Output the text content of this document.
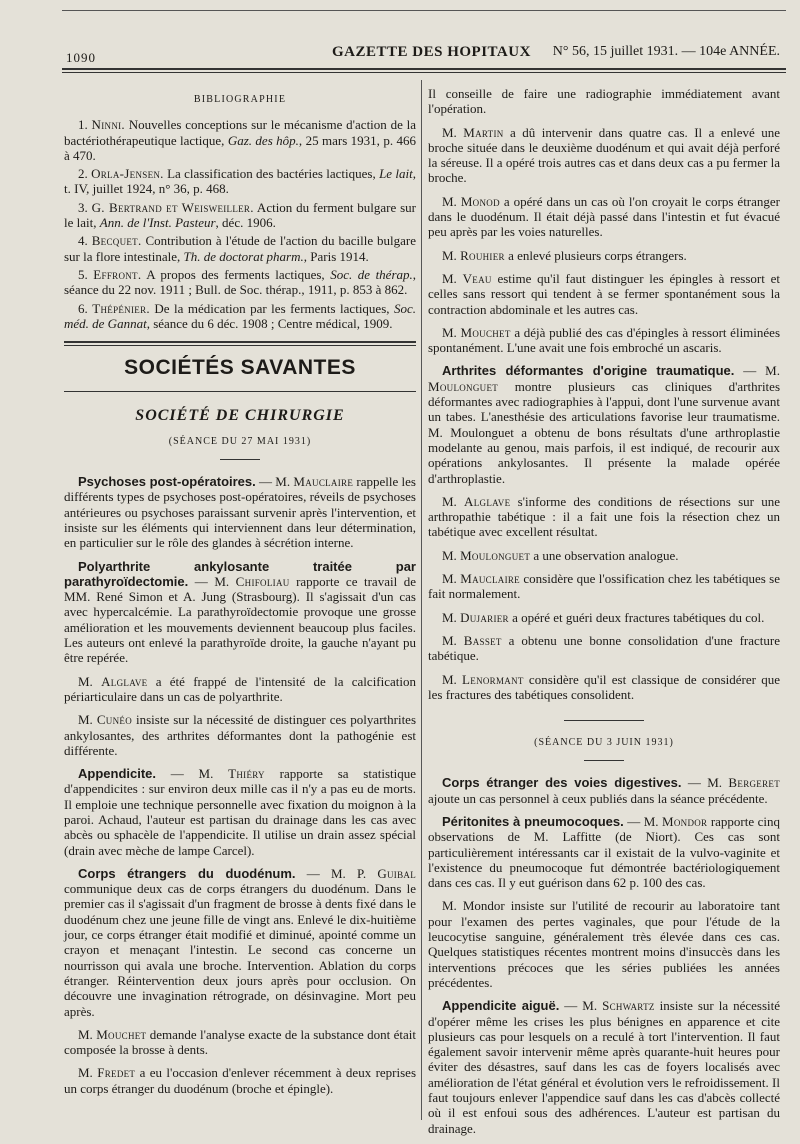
1090	GAZETTE DES HOPITAUX N° 56, 15 juillet 1931. — 104e ANNÉE.
BIBLIOGRAPHIE

1. Ninni. Nouvelles conceptions sur le mécanisme d'action de la bactériothérapeutique lactique, Gaz. des hôp., 25 mars 1931, p. 466 à 470.

2. Orla-Jensen. La classification des bactéries lactiques, Le lait, t. IV, juillet 1924, n° 36, p. 468.

3. G. Bertrand et Weisweiller. Action du ferment bulgare sur le lait, Ann. de l'Inst. Pasteur, déc. 1906.

4. Becquet. Contribution à l'étude de l'action du bacille bulgare sur la flore intestinale, Th. de doctorat pharm., Paris 1914.

5. Effront. A propos des ferments lactiques, Soc. de thérap., séance du 22 nov. 1911 ; Bull. de Soc. thérap., 1911, p. 853 à 862.

6. Thépénier. De la médication par les ferments lactiques, Soc. méd. de Gannat, séance du 6 déc. 1908 ; Centre médical, 1909.

SOCIÉTÉS SAVANTES
SOCIÉTÉ DE CHIRURGIE
(SÉANCE DU 27 MAI 1931)

Psychoses post-opératoires. — M. Mauclaire rappelle les différents types de psychoses post-opératoires, réveils de psychoses antérieures ou psychoses paraissant survenir après l'intervention, et insiste sur les éléments qui interviennent dans leur détermination, en particulier sur le rôle des glandes à sécrétion interne.

Polyarthrite ankylosante traitée par parathyroïdectomie. — M. Chifoliau rapporte ce travail de MM. René Simon et A. Jung (Strasbourg). Il s'agissait d'un cas avec hypercalcémie. La parathyroïdectomie provoque une grosse amélioration et les mouvements deviennent beaucoup plus faciles. Les auteurs ont enlevé la parathyroïde droite, la gauche n'ayant pu être repérée.

M. Alglave a été frappé de l'intensité de la calcification périarticulaire dans un cas de polyarthrite.

M. Cunéo insiste sur la nécessité de distinguer ces polyarthrites ankylosantes, des arthrites déformantes dont la pathogénie est différente.

Appendicite. — M. Thiéry rapporte sa statistique d'appendicites : sur environ deux mille cas il n'y a pas eu de morts. Il emploie une technique personnelle avec fixation du moignon à la paroi. Achaud, l'auteur est partisan du drainage dans les cas avec abcès ou sphacèle de l'appendicite. Il utilise un drain assez spécial (drain avec mèche de lampe Carcel).

Corps étrangers du duodénum. — M. P. Guibal communique deux cas de corps étrangers du duodénum. Dans le premier cas il s'agissait d'un fragment de brosse à dents fixé dans le duodénum chez une jeune fille de vingt ans. Enlevé le dix-huitième jour, ce corps étranger était modifié et diminué, apointé comme un crayon et menaçant l'intestin. Le second cas concerne un nourrisson qui avala une broche. Intervention. Ablation du corps étranger. Réintervention deux jours après pour occlusion. On découvre une invagination rétrograde, on désinvagine. Mort peu après.

M. Mouchet demande l'analyse exacte de la substance dont était composée la brosse à dents.

M. Fredet a eu l'occasion d'enlever récemment à deux reprises un corps étranger du duodénum (broche et épingle).

Il conseille de faire une radiographie immédiatement avant l'opération.

M. Martin a dû intervenir dans quatre cas. Il a enlevé une broche située dans le deuxième duodénum et qui avait déjà perforé la séreuse. Il a opéré trois autres cas et dans deux cas a pu fermer la broche.

M. Monod a opéré dans un cas où l'on croyait le corps étranger dans le duodénum. Il était déjà passé dans l'intestin et fut évacué peu après par les voies naturelles.

M. Rouhier a enlevé plusieurs corps étrangers.

M. Veau estime qu'il faut distinguer les épingles à ressort et celles sans ressort qui tendent à se fermer spontanément sous la contraction abdominale et les autres cas.

M. Mouchet a déjà publié des cas d'épingles à ressort éliminées spontanément. L'une avait une fois embroché un ascaris.

Arthrites déformantes d'origine traumatique. — M. Moulonguet montre plusieurs cas cliniques d'arthrites déformantes avec radiographies à l'appui, dont l'une survenue avant un tabes. L'anesthésie des articulations favorise leur traumatisme. M. Moulonguet a obtenu de bons résultats d'une arthroplastie modelante au genou, mais parfois, il est indiqué, de recourir aux opérations ankylosantes. Il présente la malade opérée d'arthroplastie.

M. Alglave s'informe des conditions de résections sur une arthropathie tabétique : il a fait une fois la résection chez un tabétique avec excellent résultat.

M. Moulonguet a une observation analogue.

M. Mauclaire considère que l'ossification chez les tabétiques se fait normalement.

M. Dujarier a opéré et guéri deux fractures tabétiques du col.

M. Basset a obtenu une bonne consolidation d'une fracture tabétique.

M. Lenormant considère qu'il est classique de considérer que les fractures des tabétiques consolident.

(SÉANCE DU 3 JUIN 1931)

Corps étranger des voies digestives. — M. Bergeret ajoute un cas personnel à ceux publiés dans la séance précédente.

Péritonites à pneumocoques. — M. Mondor rapporte cinq observations de M. Laffitte (de Niort). Ces cas sont particulièrement intéressants car il existait de la vulvo-vaginite et l'existence du pneumocoque fut démontrée bactériologiquement dans ces cas. Il y eut guérison dans 62 p. 100 des cas.

M. Mondor insiste sur l'utilité de recourir au laboratoire tant pour l'examen des pertes vaginales, que pour l'étude de la leucocytise sanguine, généralement très élevée dans ces cas. Quelques statistiques récentes montrent moins d'insuccès dans les interventions précoces que les séries publiées les années précédentes.

Appendicite aiguë. — M. Schwartz insiste sur la nécessité d'opérer même les crises les plus bénignes en apparence et cite plusieurs cas pour lesquels on a reculé à tort l'intervention. Il faut également savoir intervenir même après quarante-huit heures pour éviter des désastres, sauf dans les cas de foyers localisés avec amélioration de l'état général et évolution vers le refroidissement. Il faut toujours enlever l'appendice sauf dans les cas d'abcès collecté où il est enfoui sous des adhérences. L'auteur est partisan du drainage.
